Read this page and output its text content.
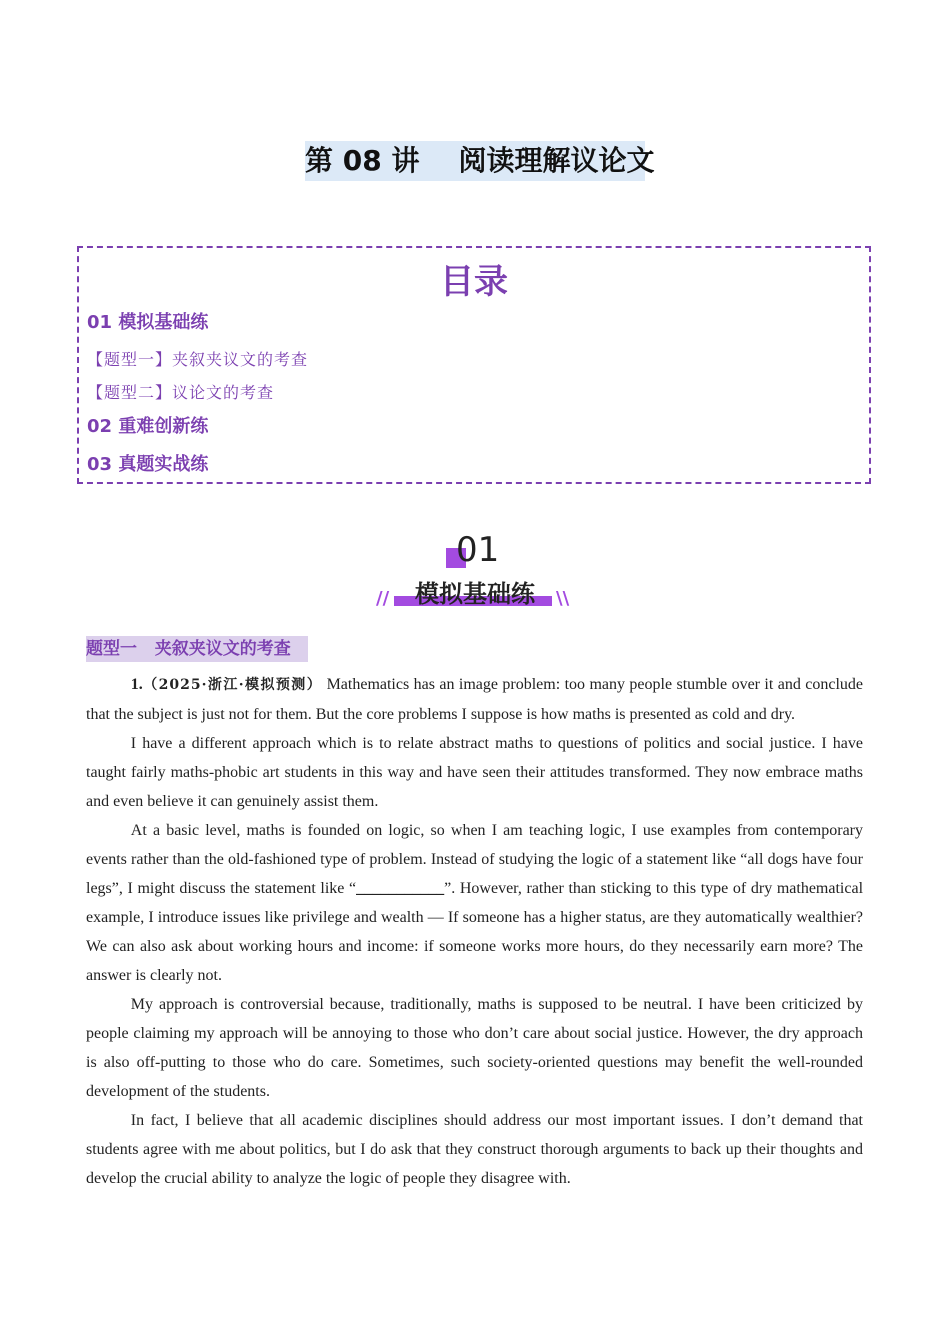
第 08 讲    阅读理解议论文
目录
01 模拟基础练
【题型一】夹叙夹议文的考查
【题型二】议论文的考查
02 重难创新练
03 真题实战练
01
模拟基础练
//	\\
题型一   夹叙夹议文的考查

1.（2025·浙江·模拟预测） Mathematics has an image problem: too many people stumble over it and conclude that the subject is just not for them. But the core problems I suppose is how maths is presented as cold and dry.

I have a different approach which is to relate abstract maths to questions of politics and social justice. I have taught fairly maths-phobic art students in this way and have seen their attitudes transformed. They now embrace maths and even believe it can genuinely assist them.

At a basic level, maths is founded on logic, so when I am teaching logic, I use examples from contemporary events rather than the old-fashioned type of problem. Instead of studying the logic of a statement like “all dogs have four legs”, I might discuss the statement like “___________”. However, rather than sticking to this type of dry mathematical example, I introduce issues like privilege and wealth — If someone has a higher status, are they automatically wealthier? We can also ask about working hours and income: if someone works more hours, do they necessarily earn more? The answer is clearly not.

My approach is controversial because, traditionally, maths is supposed to be neutral. I have been criticized by people claiming my approach will be annoying to those who don’t care about social justice. However, the dry approach is also off-putting to those who do care. Sometimes, such society-oriented questions may benefit the well-rounded development of the students.

In fact, I believe that all academic disciplines should address our most important issues. I don’t demand that students agree with me about politics, but I do ask that they construct thorough arguments to back up their thoughts and develop the crucial ability to analyze the logic of people they disagree with.
